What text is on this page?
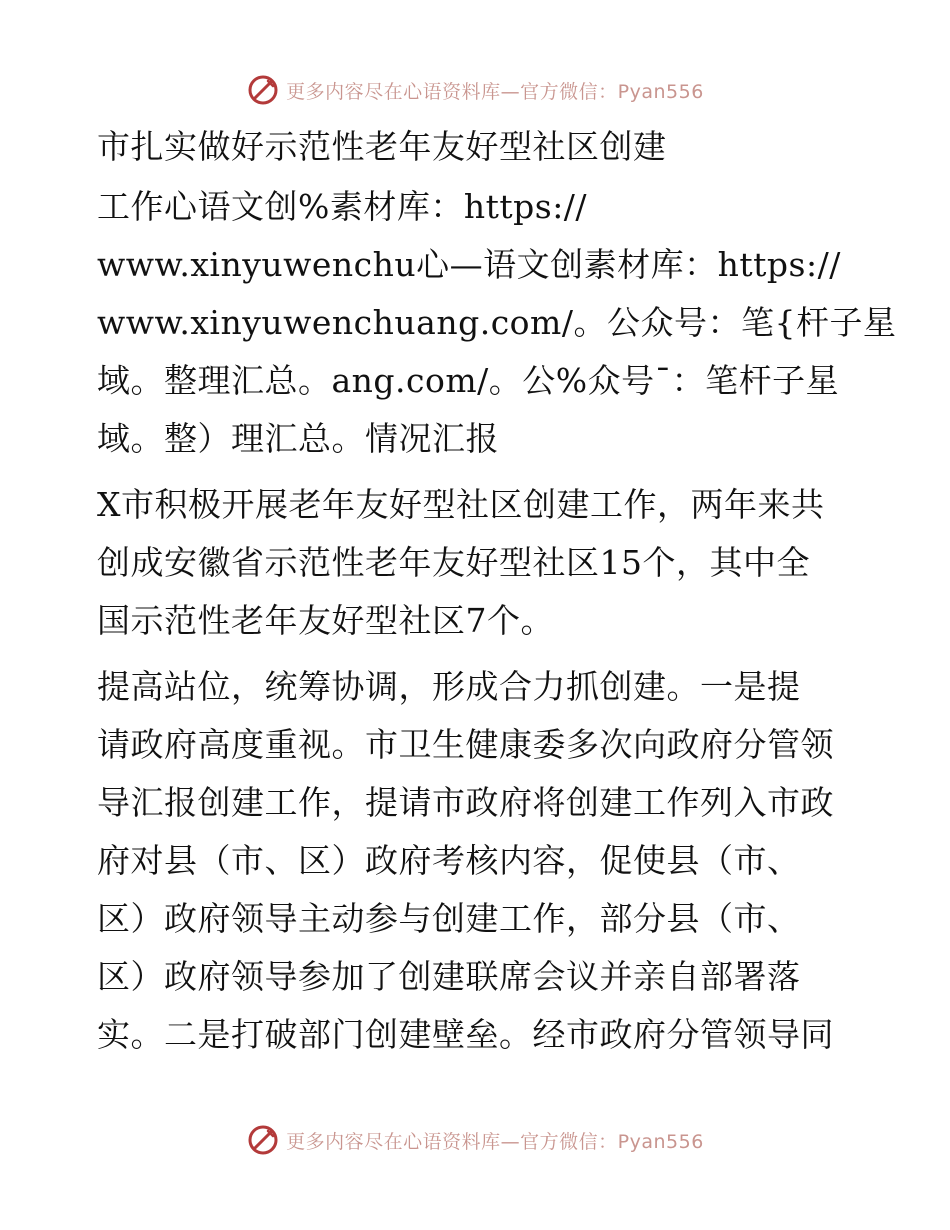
更多内容尽在心语资料库—官方微信：Pyan556
市扎实做好示范性老年友好型社区创建
工作心语文创%素材库：https://
www.xinyuwenchu心—语文创素材库：https://
www.xinyuwenchuang.com/。公众号：笔{杆子星
域。整理汇总。ang.com/。公%众号¯：笔杆子星
域。整）理汇总。情况汇报
X市积极开展老年友好型社区创建工作，两年来共
创成安徽省示范性老年友好型社区15个，其中全
国示范性老年友好型社区7个。
提高站位，统筹协调，形成合力抓创建。一是提
请政府高度重视。市卫生健康委多次向政府分管领
导汇报创建工作，提请市政府将创建工作列入市政
府对县（市、区）政府考核内容，促使县（市、
区）政府领导主动参与创建工作，部分县（市、
区）政府领导参加了创建联席会议并亲自部署落
实。二是打破部门创建壁垒。经市政府分管领导同
更多内容尽在心语资料库—官方微信：Pyan556
